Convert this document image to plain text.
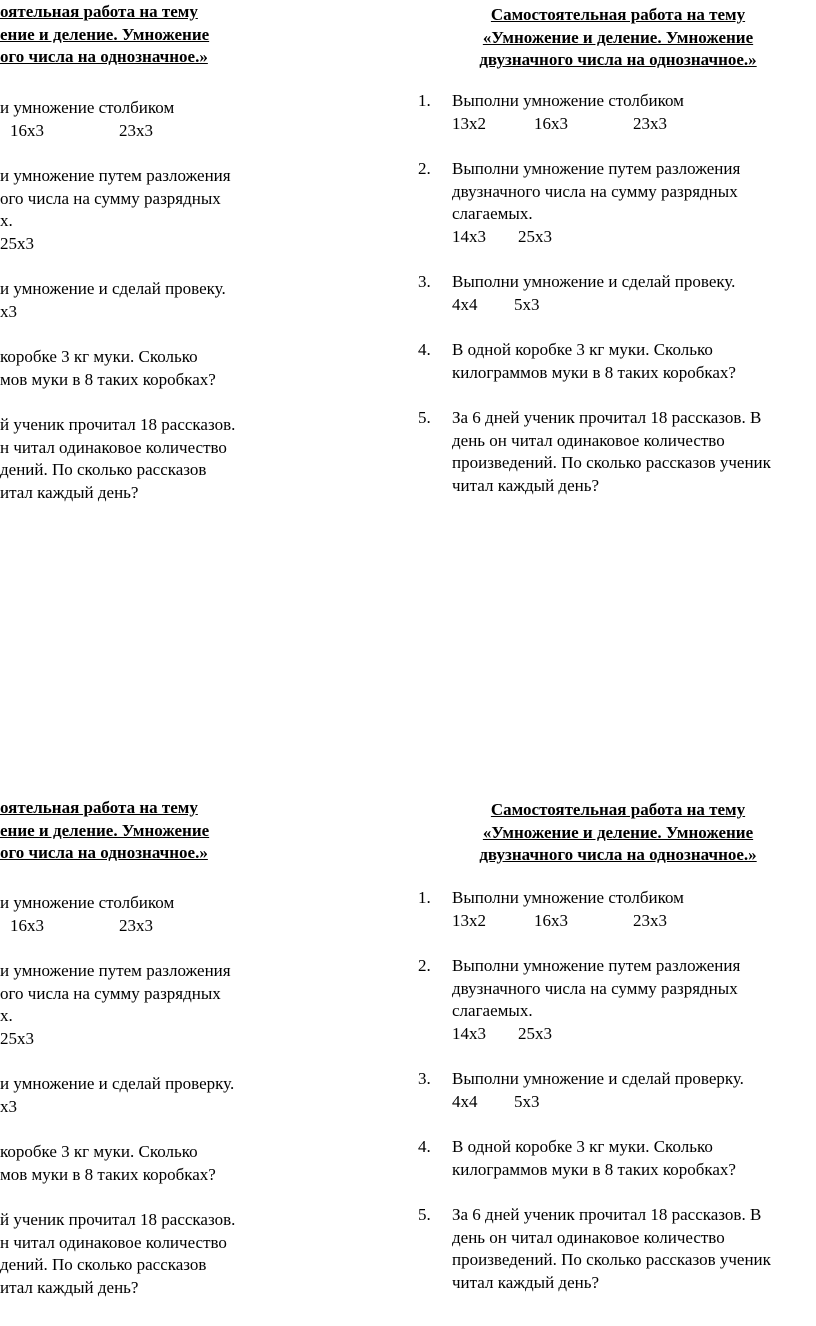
оятельная работа на тему
ение и деление. Умножение
ого числа на однозначное.»
и умножение столбиком
16х3	23х3
и умножение путем разложения
ого числа на сумму разрядных
х.
25х3
и умножение и сделай провеку.
х3
коробке 3 кг муки. Сколько
мов муки в 8 таких коробках?
й ученик прочитал 18 рассказов.
н читал одинаковое количество
дений. По сколько рассказов
итал каждый день?
Самостоятельная работа на тему
«Умножение и деление. Умножение
двузначного числа на однозначное.»
1. Выполни умножение столбиком
13х2	16х3	23х3
2. Выполни умножение путем разложения
двузначного числа на сумму разрядных
слагаемых.
14х3 25х3
3. Выполни умножение и сделай провеку.
4х4 5х3
4. В одной коробке 3 кг муки. Сколько
килограммов муки в 8 таких коробках?
5. За 6 дней ученик прочитал 18 рассказов. В
день он читал одинаковое количество
произведений. По сколько рассказов ученик
читал каждый день?
оятельная работа на тему
ение и деление. Умножение
ого числа на однозначное.»
и умножение столбиком
16х3	23х3
и умножение путем разложения
ого числа на сумму разрядных
х.
25х3
и умножение и сделай проверку.
х3
коробке 3 кг муки. Сколько
мов муки в 8 таких коробках?
й ученик прочитал 18 рассказов.
н читал одинаковое количество
дений. По сколько рассказов
итал каждый день?
Самостоятельная работа на тему
«Умножение и деление. Умножение
двузначного числа на однозначное.»
1. Выполни умножение столбиком
13х2	16х3	23х3
2. Выполни умножение путем разложения
двузначного числа на сумму разрядных
слагаемых.
14х3 25х3
3. Выполни умножение и сделай проверку.
4х4 5х3
4. В одной коробке 3 кг муки. Сколько
килограммов муки в 8 таких коробках?
5. За 6 дней ученик прочитал 18 рассказов. В
день он читал одинаковое количество
произведений. По сколько рассказов ученик
читал каждый день?
